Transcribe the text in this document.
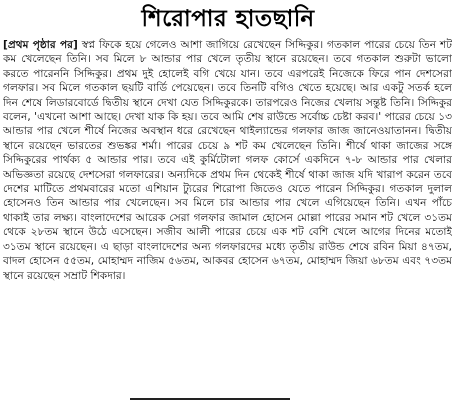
শিরোপার হাতছানি

[প্রথম পৃষ্ঠার পর] স্বপ্ন ফিকে হয়ে গেলেও আশা জাগিয়ে রেখেছেন সিদ্দিকুর। গতকাল পারের চেয়ে তিন শট কম খেলেছেন তিনি। সব মিলে ৮ আন্ডার পার খেলে তৃতীয় স্থানে রয়েছেন। তবে গতকাল শুরুটা ভালো করতে পারেননি সিদ্দিকুর। প্রথম দুই হোলেই বগি খেয়ে যান। তবে এরপরেই নিজেকে ফিরে পান দেশসেরা গলফার। সব মিলে গতকাল ছয়টি বার্ডি পেয়েছেন। তবে তিনটি বগিও খেতে হয়েছে। আর একটু সতর্ক হলে দিন শেষে লিডারবোর্ডে দ্বিতীয় স্থানে দেখা যেত সিদ্দিকুরকে। তারপরেও নিজের খেলায় সন্তুষ্ট তিনি। সিদ্দিকুর বলেন, 'এখনো আশা আছে। দেখা যাক কি হয়। তবে আমি শেষ রাউন্ডে সর্বোচ্চ চেষ্টা করব।' পারের চেয়ে ১৩ আন্ডার পার খেলে শীর্ষে নিজের অবস্থান ধরে রেখেছেন থাইল্যান্ডের গলফার জাজ জানেওয়াতানন। দ্বিতীয় স্থানে রয়েছেন ভারতের শুভঙ্কর শর্মা। পারের চেয়ে ৯ শট কম খেলেছেন তিনি। শীর্ষে থাকা জাজের সঙ্গে সিদ্দিকুরের পার্থক্য ৫ আন্ডার পার। তবে এই কুর্মিটোলা গলফ কোর্সে একদিনে ৭-৮ আন্ডার পার খেলার অভিজ্ঞতা রয়েছে দেশসেরা গলফারের। অন্যদিকে প্রথম দিন থেকেই শীর্ষে থাকা জাজ যদি খারাপ করেন তবে দেশের মাটিতে প্রথমবারের মতো এশিয়ান ট্যুরের শিরোপা জিতেও যেতে পারেন সিদ্দিকুর। গতকাল দুলাল হোসেনও তিন আন্ডার পার খেলেছেন। সব মিলে চার আন্ডার পার খেলে এগিয়েছেন তিনি। এখন পাঁচে থাকাই তার লক্ষ্য। বাংলাদেশের আরেক সেরা গলফার জামাল হোসেন মোল্লা পারের সমান শট খেলে ৩১তম থেকে ২৮তম স্থানে উঠে এসেছেন। সজীব আলী পারের চেয়ে এক শট বেশি খেলে আগের দিনের মতোই ৩১তম স্থানে রয়েছেন। এ ছাড়া বাংলাদেশের অন্য গলফারদের মধ্যে তৃতীয় রাউন্ড শেষে রবিন মিয়া ৪৭তম, বাদল হোসেন ৫৫তম, মোহাম্মদ নাজিম ৫৬তম, আকবর হোসেন ৬৭তম, মোহাম্মদ জিয়া ৬৮তম এবং ৭৩তম স্থানে রয়েছেন সম্রাট শিকদার।
